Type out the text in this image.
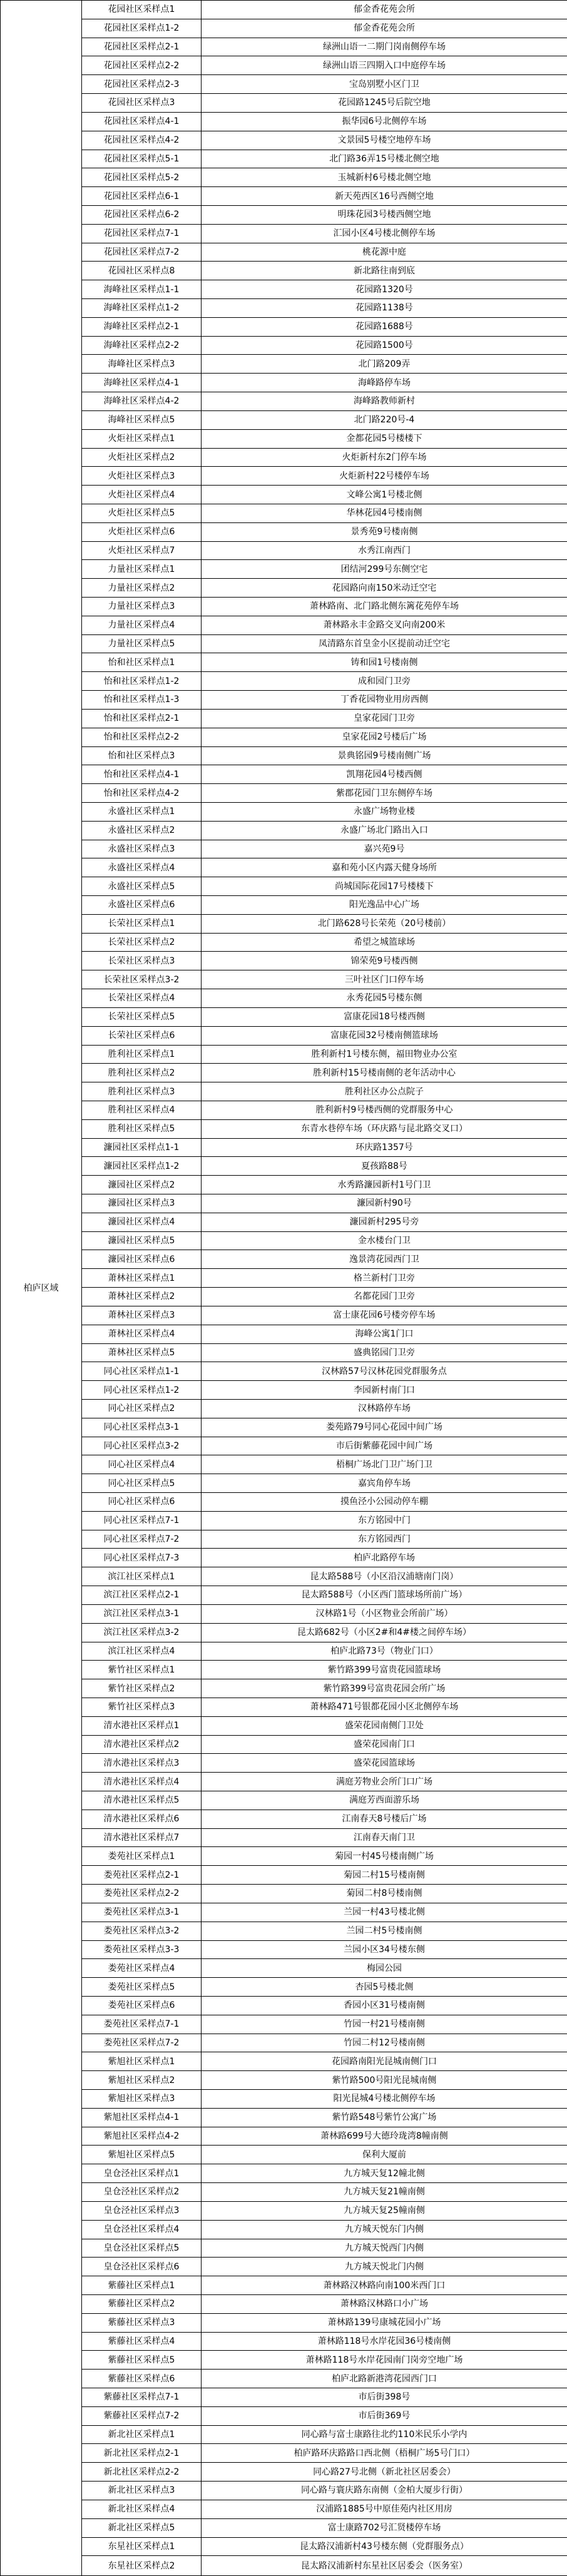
柏庐区域	花园社区采样点1	郁金香花苑会所
	花园社区采样点1-2	郁金香花苑会所
	花园社区采样点2-1	绿洲山语一二期门岗南侧停车场
	花园社区采样点2-2	绿洲山语三四期入口中庭停车场
	花园社区采样点2-3	宝岛别墅小区门卫
	花园社区采样点3	花园路1245号后院空地
	花园社区采样点4-1	振华园6号北侧停车场
	花园社区采样点4-2	文景园5号楼空地停车场
	花园社区采样点5-1	北门路36弄15号楼北侧空地
	花园社区采样点5-2	玉城新村6号楼北侧空地
	花园社区采样点6-1	新天苑西区16号西侧空地
	花园社区采样点6-2	明珠花园3号楼西侧空地
	花园社区采样点7-1	汇园小区4号楼北侧停车场
	花园社区采样点7-2	桃花源中庭
	花园社区采样点8	新北路往南到底
	海峰社区采样点1-1	花园路1320号
	海峰社区采样点1-2	花园路1138号
	海峰社区采样点2-1	花园路1688号
	海峰社区采样点2-2	花园路1500号
	海峰社区采样点3	北门路209弄
	海峰社区采样点4-1	海峰路停车场
	海峰社区采样点4-2	海峰路教师新村
	海峰社区采样点5	北门路220号-4
	火炬社区采样点1	金都花园5号楼楼下
	火炬社区采样点2	火炬新村东2门停车场
	火炬社区采样点3	火炬新村22号楼停车场
	火炬社区采样点4	文峰公寓1号楼北侧
	火炬社区采样点5	华林花园4号楼南侧
	火炬社区采样点6	景秀苑9号楼南侧
	火炬社区采样点7	水秀江南西门
	力量社区采样点1	团结河299号东侧空宅
	力量社区采样点2	花园路向南150米动迁空宅
	力量社区采样点3	萧林路南、北门路北侧东篱花苑停车场
	力量社区采样点4	萧林路永丰金路交叉向南200米
	力量社区采样点5	凤清路东首皇金小区提前动迁空宅
	怡和社区采样点1	铸和园1号楼南侧
	怡和社区采样点1-2	成和园门卫旁
	怡和社区采样点1-3	丁香花园物业用房西侧
	怡和社区采样点2-1	皇家花园门卫旁
	怡和社区采样点2-2	皇家花园2号楼后广场
	怡和社区采样点3	景典铭园9号楼南侧广场
	怡和社区采样点4-1	凯翔花园4号楼西侧
	怡和社区采样点4-2	紫郡花园门卫东侧停车场
	永盛社区采样点1	永盛广场物业楼
	永盛社区采样点2	永盛广场北门路出入口
	永盛社区采样点3	嘉兴苑9号
	永盛社区采样点4	嘉和苑小区内露天健身场所
	永盛社区采样点5	尚城国际花园17号楼楼下
	永盛社区采样点6	阳光逸品中心广场
	长荣社区采样点1	北门路628号长荣苑（20号楼前）
	长荣社区采样点2	希望之城篮球场
	长荣社区采样点3	锦荣苑9号楼西侧
	长荣社区采样点3-2	三叶社区门口停车场
	长荣社区采样点4	永秀花园5号楼东侧
	长荣社区采样点5	富康花园18号楼西侧
	长荣社区采样点6	富康花园32号楼南侧篮球场
	胜利社区采样点1	胜利新村1号楼东侧，福田物业办公室
	胜利社区采样点2	胜利新村15号楼南侧的老年活动中心
	胜利社区采样点3	胜利社区办公点院子
	胜利社区采样点4	胜利新村9号楼西侧的党群服务中心
	胜利社区采样点5	东青水巷停车场（环庆路与昆北路交叉口）
	濂园社区采样点1-1	环庆路1357号
	濂园社区采样点1-2	夏孩路88号
	濂园社区采样点2	水秀路濂园新村1号门卫
	濂园社区采样点3	濂园新村90号
	濂园社区采样点4	濂园新村295号旁
	濂园社区采样点5	金水楼台门卫
	濂园社区采样点6	逸景湾花园西门卫
	萧林社区采样点1	格兰新村门卫旁
	萧林社区采样点2	名都花园门卫旁
	萧林社区采样点3	富士康花园6号楼旁停车场
	萧林社区采样点4	海峰公寓1门口
	萧林社区采样点5	盛典铭园门卫旁
	同心社区采样点1-1	汉林路57号汉林花园党群服务点
	同心社区采样点1-2	李园新村南门口
	同心社区采样点2	汉林路停车场
	同心社区采样点3-1	娄苑路79号同心花园中间广场
	同心社区采样点3-2	市后街紫藤花园中间广场
	同心社区采样点4	梧桐广场北门卫广场门卫
	同心社区采样点5	嘉宾角停车场
	同心社区采样点6	摸鱼泾小公园动停车棚
	同心社区采样点7-1	东方铭园中门
	同心社区采样点7-2	东方铭园西门
	同心社区采样点7-3	柏庐北路停车场
	滨江社区采样点1	昆太路588号（小区沿汉浦塘南门岗）
	滨江社区采样点2-1	昆太路588号（小区西门篮球场所前广场）
	滨江社区采样点3-1	汉林路1号（小区物业会所前广场）
	滨江社区采样点3-2	昆太路682号（小区2#和4#楼之间停车场）
	滨江社区采样点4	柏庐北路73号（物业门口）
	紫竹社区采样点1	紫竹路399号富贵花园篮球场
	紫竹社区采样点2	紫竹路399号富贵花园会所广场
	紫竹社区采样点3	萧林路471号银都花园小区北侧停车场
	清水港社区采样点1	盛荣花园南侧门卫处
	清水港社区采样点2	盛荣花园南门口
	清水港社区采样点3	盛荣花园篮球场
	清水港社区采样点4	满庭芳物业会所门口广场
	清水港社区采样点5	满庭芳西面游乐场
	清水港社区采样点6	江南春天8号楼后广场
	清水港社区采样点7	江南春天南门卫
	娄苑社区采样点1	菊园一村45号楼南侧广场
	娄苑社区采样点2-1	菊园二村15号楼南侧
	娄苑社区采样点2-2	菊园二村8号楼南侧
	娄苑社区采样点3-1	兰园一村43号楼北侧
	娄苑社区采样点3-2	兰园二村5号楼南侧
	娄苑社区采样点3-3	兰园小区34号楼东侧
	娄苑社区采样点4	梅园公园
	娄苑社区采样点5	杏园5号楼北侧
	娄苑社区采样点6	香园小区31号楼南侧
	娄苑社区采样点7-1	竹园一村21号楼南侧
	娄苑社区采样点7-2	竹园二村12号楼南侧
	紫旭社区采样点1	花园路南阳光昆城南侧门口
	紫旭社区采样点2	紫竹路500号阳光昆城南侧
	紫旭社区采样点3	阳光昆城4号楼北侧停车场
	紫旭社区采样点4-1	紫竹路548号紫竹公寓广场
	紫旭社区采样点4-2	萧林路699号大德玲珑湾8幢南侧
	紫旭社区采样点5	保利大厦前
	皇仓泾社区采样点1	九方城天复12幢北侧
	皇仓泾社区采样点2	九方城天复21幢南侧
	皇仓泾社区采样点3	九方城天复25幢南侧
	皇仓泾社区采样点4	九方城天悦东门内侧
	皇仓泾社区采样点5	九方城天悦西门内侧
	皇仓泾社区采样点6	九方城天悦北门内侧
	紫藤社区采样点1	萧林路汉林路向南100米西门口
	紫藤社区采样点2	萧林路汉林路口小广场
	紫藤社区采样点3	萧林路139号康城花园小广场
	紫藤社区采样点4	萧林路118号水岸花园36号楼南侧
	紫藤社区采样点5	萧林路118号水岸花园南门岗旁空地广场
	紫藤社区采样点6	柏庐北路新港湾花园西门口
	紫藤社区采样点7-1	市后街398号
	紫藤社区采样点7-2	市后街369号
	新北社区采样点1	同心路与富士康路往北约110米民乐小学内
	新北社区采样点2-1	柏庐路环庆路路口西北侧（梧桐广场5号门口）
	新北社区采样点2-2	同心路27号北侧（新北社区居委会）
	新北社区采样点3	同心路与寰庆路东南侧（金柏大厦步行街）
	新北社区采样点4	汉浦路1885号中原佳苑内社区用房
	新北社区采样点5	富士康路702号汇贤楼停车场
	东星社区采样点1	昆太路汉浦新村43号楼东侧（党群服务点）
	东星社区采样点2	昆太路汉浦新村东星社区居委会（医务室）
